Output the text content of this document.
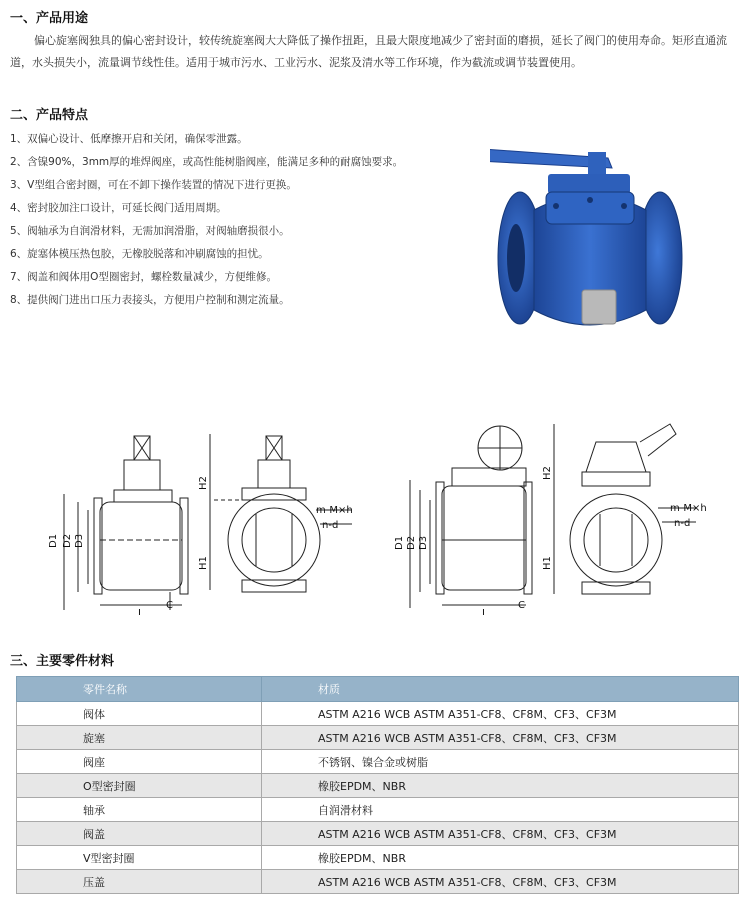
一、产品用途
偏心旋塞阀独具的偏心密封设计，较传统旋塞阀大大降低了操作扭距，且最大限度地减少了密封面的磨损，延长了阀门的使用寿命。矩形直通流道，水头损失小，流量调节线性佳。适用于城市污水、工业污水、泥浆及清水等工作环境，作为截流或调节装置使用。
二、产品特点
1、双偏心设计、低摩擦开启和关闭，确保零泄露。
2、含镍90%，3mm厚的堆焊阀座，或高性能树脂阀座，能满足多种的耐腐蚀要求。
3、V型组合密封圈，可在不卸下操作装置的情况下进行更换。
4、密封胶加注口设计，可延长阀门适用周期。
5、阀轴承为自润滑材料，无需加润滑脂，对阀轴磨损很小。
6、旋塞体模压热包胶，无橡胶脱落和冲刷腐蚀的担忧。
7、阀盖和阀体用O型圈密封，螺栓数量减少，方便维修。
8、提供阀门进出口压力表接头，方便用户控制和测定流量。
D1 D2 D3
L
C
H2
H1
m-M×h
n-d
D1 D2 D3
L
C
H2
H1
m-M×h
n-d
三、主要零件材料
零件名称	材质
阀体	ASTM A216 WCB ASTM A351-CF8、CF8M、CF3、CF3M
旋塞	ASTM A216 WCB ASTM A351-CF8、CF8M、CF3、CF3M
阀座	不锈钢、镍合金或树脂
O型密封圈	橡胶EPDM、NBR
轴承	自润滑材料
阀盖	ASTM A216 WCB ASTM A351-CF8、CF8M、CF3、CF3M
V型密封圈	橡胶EPDM、NBR
压盖	ASTM A216 WCB ASTM A351-CF8、CF8M、CF3、CF3M
